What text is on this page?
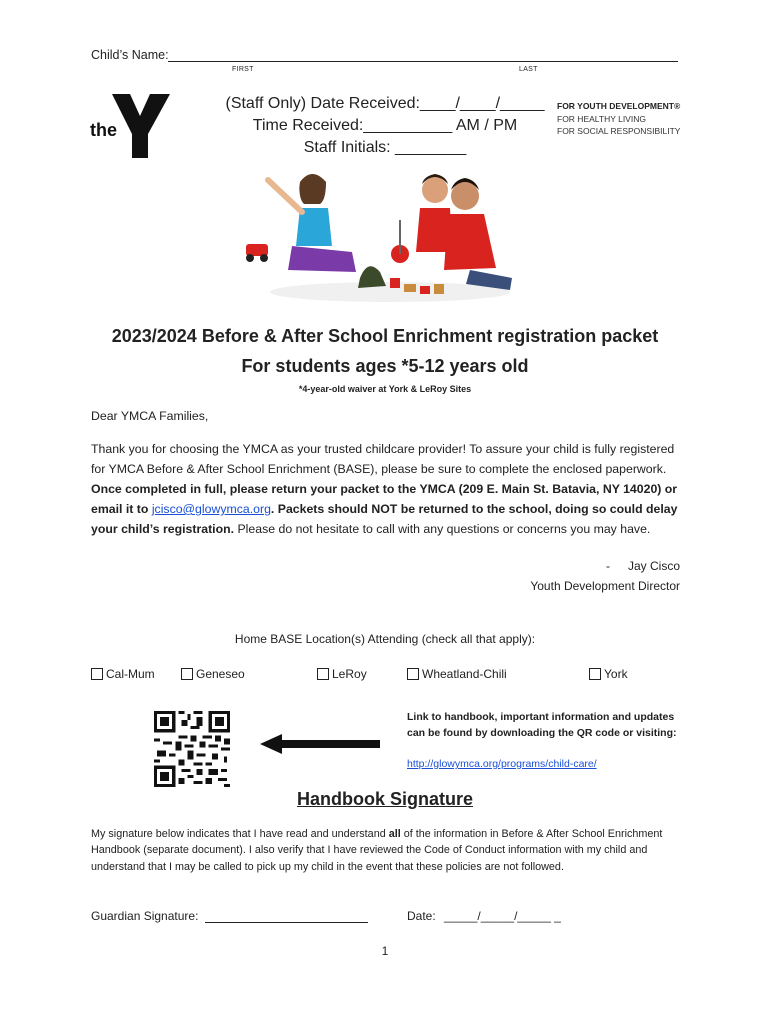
Child’s Name:
FIRST	LAST
the
YMCA
(Staff Only) Date Received:____/____/_____
Time Received:__________ AM / PM
Staff Initials: ________
FOR YOUTH DEVELOPMENT®
FOR HEALTHY LIVING
FOR SOCIAL RESPONSIBILITY
2023/2024 Before & After School Enrichment registration packet
For students ages *5-12 years old
*4-year-old waiver at York & LeRoy Sites
Dear YMCA Families,
Thank you for choosing the YMCA as your trusted childcare provider! To assure your child is fully registered for YMCA Before & After School Enrichment (BASE), please be sure to complete the enclosed paperwork. Once completed in full, please return your packet to the YMCA (209 E. Main St. Batavia, NY 14020) or email it to jcisco@glowymca.org. Packets should NOT be returned to the school, doing so could delay your child’s registration. Please do not hesitate to call with any questions or concerns you may have.
-	Jay Cisco
Youth Development Director
Home BASE Location(s) Attending (check all that apply):
Cal-Mum	Geneseo	LeRoy	Wheatland-Chili	York
Link to handbook, important information and updates can be found by downloading the QR code or visiting:
http://glowymca.org/programs/child-care/
Handbook Signature
My signature below indicates that I have read and understand all of the information in Before & After School Enrichment Handbook (separate document). I also verify that I have reviewed the Code of Conduct information with my child and understand that I may be called to pick up my child in the event that these policies are not followed.
Guardian Signature:	Date: _____/_____/_____ _
1
